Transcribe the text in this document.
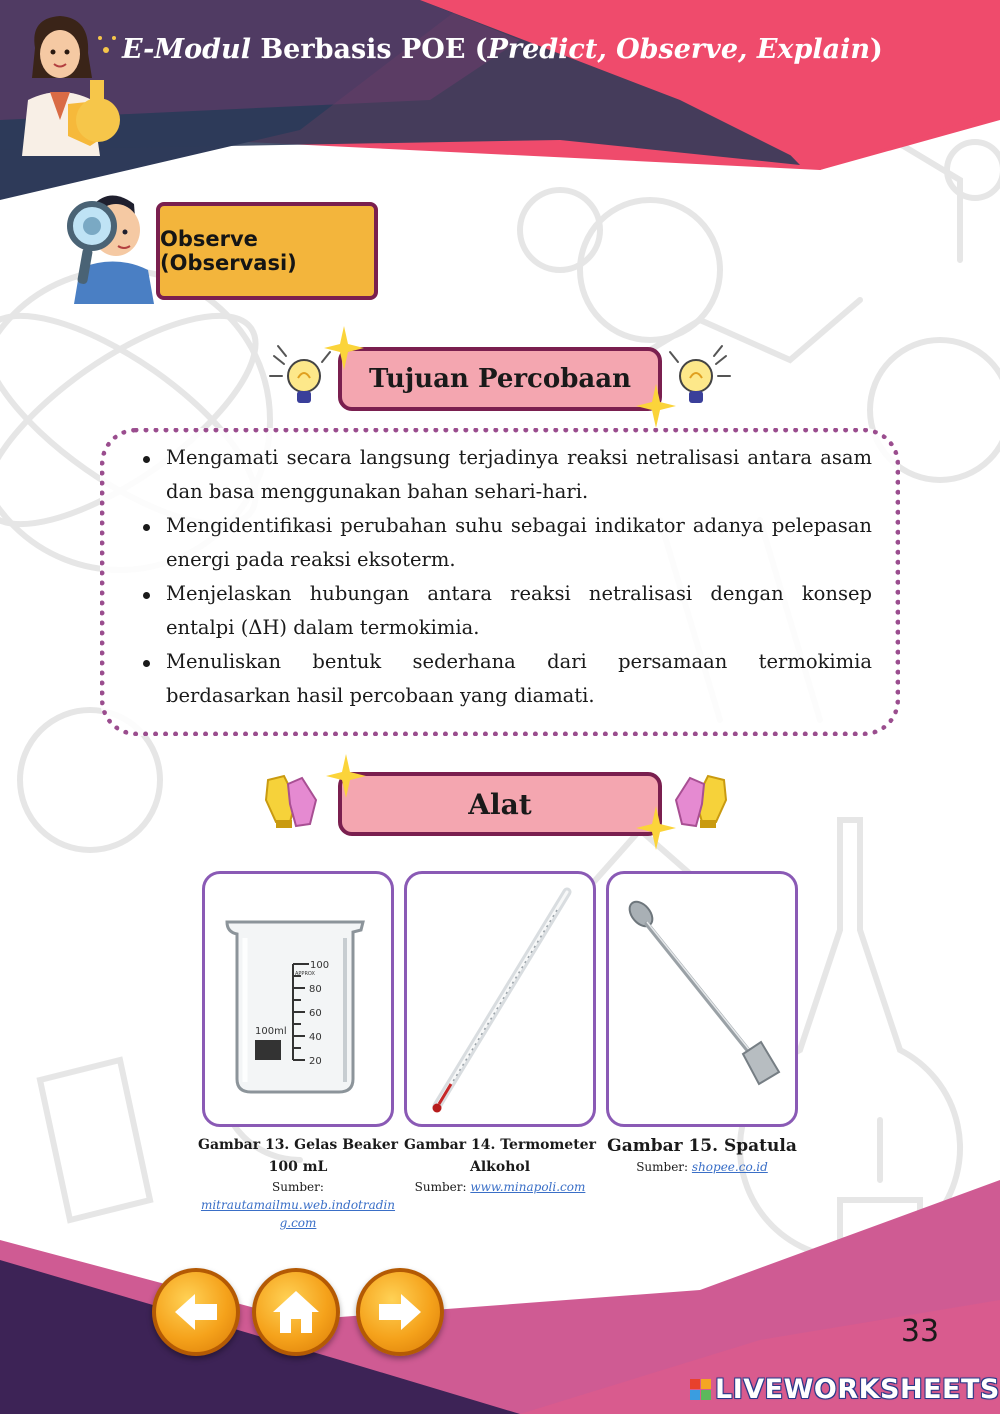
E-Modul Berbasis POE (Predict, Observe, Explain)
Observe (Observasi)
Tujuan Percobaan
Mengamati secara langsung terjadinya reaksi netralisasi antara asam dan basa menggunakan bahan sehari-hari.
Mengidentifikasi perubahan suhu sebagai indikator adanya pelepasan energi pada reaksi eksoterm.
Menjelaskan hubungan antara reaksi netralisasi dengan konsep entalpi (ΔH) dalam termokimia.
Menuliskan bentuk sederhana dari persamaan termokimia berdasarkan hasil percobaan yang diamati.
Alat
100
APPROX
80
60
40
20
100ml
Gambar 13. Gelas Beaker 100 mL
Sumber:
mitrautamailmu.web.indotrading.com
Gambar 14. Termometer Alkohol
Sumber: www.minapoli.com
Gambar 15. Spatula
Sumber: shopee.co.id
33
LIVEWORKSHEETS
